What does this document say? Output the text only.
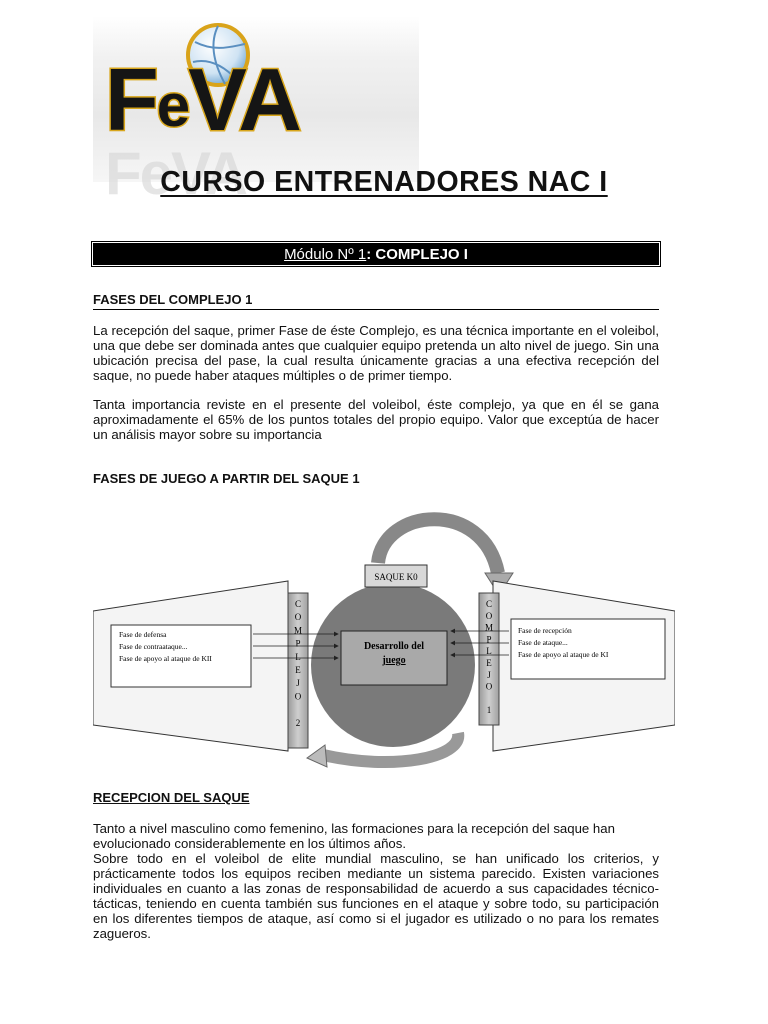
FeVA
FeVA
CURSO ENTRENADORES NAC I
Módulo Nº 1: COMPLEJO I
FASES DEL COMPLEJO 1
La recepción del saque, primer Fase de éste Complejo, es una técnica importante en el voleibol, una que debe ser dominada antes que cualquier equipo pretenda un alto nivel de juego. Sin una ubicación precisa del pase, la cual resulta únicamente gracias a una efectiva recepción del saque, no puede haber ataques múltiples o de primer tiempo.
Tanta importancia reviste en el presente del voleibol, éste complejo, ya que en él se gana aproximadamente el 65% de los puntos totales del propio equipo. Valor que exceptúa de hacer un análisis mayor sobre su importancia
FASES DE JUEGO A PARTIR DEL SAQUE 1
SAQUE K0
Desarrollo del
juego
C
O
M
P
L
E
J
O
2
C
O
M
P
L
E
J
O
1
Fase de defensa
Fase de contraataque...
Fase de apoyo al ataque de KII
Fase de recepción
Fase de ataque...
Fase de apoyo al ataque de KI
RECEPCION DEL SAQUE
Tanto a nivel masculino como femenino, las formaciones para la recepción del saque han evolucionado considerablemente en los últimos años.
Sobre todo en el voleibol de elite mundial masculino, se han unificado los criterios, y prácticamente todos los equipos reciben mediante un sistema parecido. Existen variaciones individuales en cuanto a las zonas de responsabilidad de acuerdo a sus capacidades técnico-tácticas, teniendo en cuenta también sus funciones en el ataque y sobre todo, su participación en los diferentes tiempos de ataque, así como si el jugador es utilizado o no para los remates zagueros.
